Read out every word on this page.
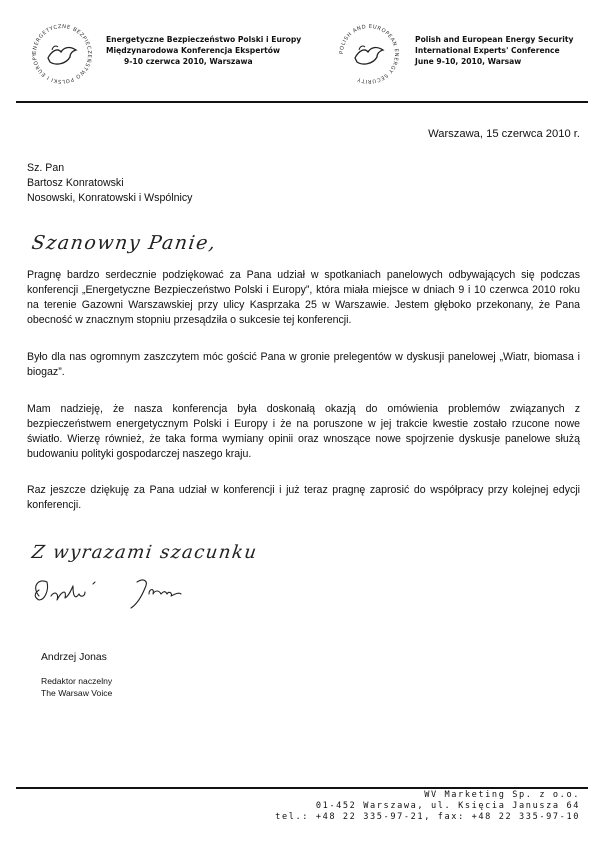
ENERGETYCZNE BEZPIECZEŃSTWO POLSKI I EUROPY
Energetyczne Bezpieczeństwo Polski i Europy
Międzynarodowa Konferencja Ekspertów
9-10 czerwca 2010, Warszawa
POLISH AND EUROPEAN ENERGY SECURITY
Polish and European Energy Security
International Experts' Conference
June 9-10, 2010, Warsaw
Warszawa, 15 czerwca 2010 r.
Sz. Pan
Bartosz Konratowski
Nosowski, Konratowski i Wspólnicy
Szanowny Panie,

Pragnę bardzo serdecznie podziękować za Pana udział w spotkaniach panelowych odbywających się podczas konferencji „Energetyczne Bezpieczeństwo Polski i Europy”, która miała miejsce w dniach 9 i 10 czerwca 2010 roku na terenie Gazowni Warszawskiej przy ulicy Kasprzaka 25 w Warszawie. Jestem głęboko przekonany, że Pana obecność w znacznym stopniu przesądziła o sukcesie tej konferencji.

Było dla nas ogromnym zaszczytem móc gościć Pana w gronie prelegentów w dyskusji panelowej „Wiatr, biomasa i biogaz”.

Mam nadzieję, że nasza konferencja była doskonałą okazją do omówienia problemów związanych z bezpieczeństwem energetycznym Polski i Europy i że na poruszone w jej trakcie kwestie zostało rzucone nowe światło. Wierzę również, że taka forma wymiany opinii oraz wnoszące nowe spojrzenie dyskusje panelowe służą budowaniu polityki gospodarczej naszego kraju.

Raz jeszcze dziękuję za Pana udział w konferencji i już teraz pragnę zaprosić do współpracy przy kolejnej edycji konferencji.

Z wyrazami szacunku
Andrzej Jonas
Redaktor naczelny
The Warsaw Voice
WV Marketing Sp. z o.o.
01-452 Warszawa, ul. Księcia Janusza 64
tel.: +48 22 335-97-21, fax: +48 22 335-97-10
